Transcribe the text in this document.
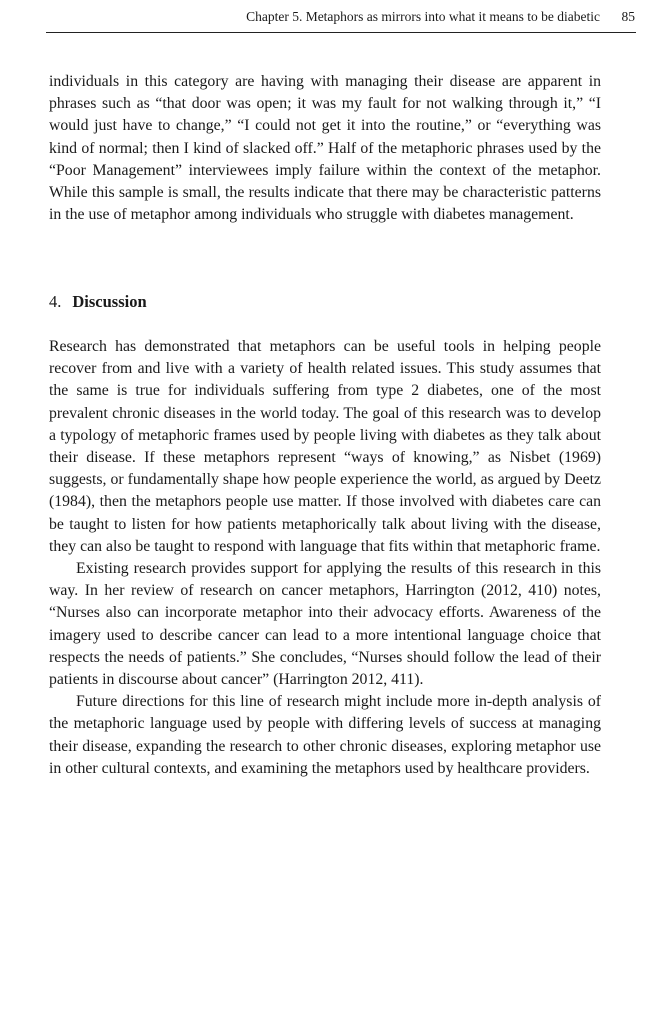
Chapter 5. Metaphors as mirrors into what it means to be diabetic 85

individuals in this category are having with managing their disease are apparent in phrases such as “that door was open; it was my fault for not walking through it,” “I would just have to change,” “I could not get it into the routine,” or “everything was kind of normal; then I kind of slacked off.” Half of the metaphoric phrases used by the “Poor Management” interviewees imply failure within the context of the metaphor. While this sample is small, the results indicate that there may be characteristic patterns in the use of metaphor among individuals who struggle with diabetes management.

4. Discussion

Research has demonstrated that metaphors can be useful tools in helping people recover from and live with a variety of health related issues. This study assumes that the same is true for individuals suffering from type 2 diabetes, one of the most prevalent chronic diseases in the world today. The goal of this research was to develop a typology of metaphoric frames used by people living with diabetes as they talk about their disease. If these metaphors represent “ways of knowing,” as Nisbet (1969) suggests, or fundamentally shape how people experience the world, as argued by Deetz (1984), then the metaphors people use matter. If those involved with diabetes care can be taught to listen for how patients metaphorically talk about living with the disease, they can also be taught to respond with language that fits within that metaphoric frame.

Existing research provides support for applying the results of this research in this way. In her review of research on cancer metaphors, Harrington (2012, 410) notes, “Nurses also can incorporate metaphor into their advocacy efforts. Awareness of the imagery used to describe cancer can lead to a more intentional language choice that respects the needs of patients.” She concludes, “Nurses should follow the lead of their patients in discourse about cancer” (Harrington 2012, 411).

Future directions for this line of research might include more in-depth analysis of the metaphoric language used by people with differing levels of success at managing their disease, expanding the research to other chronic diseases, exploring metaphor use in other cultural contexts, and examining the metaphors used by healthcare providers.
